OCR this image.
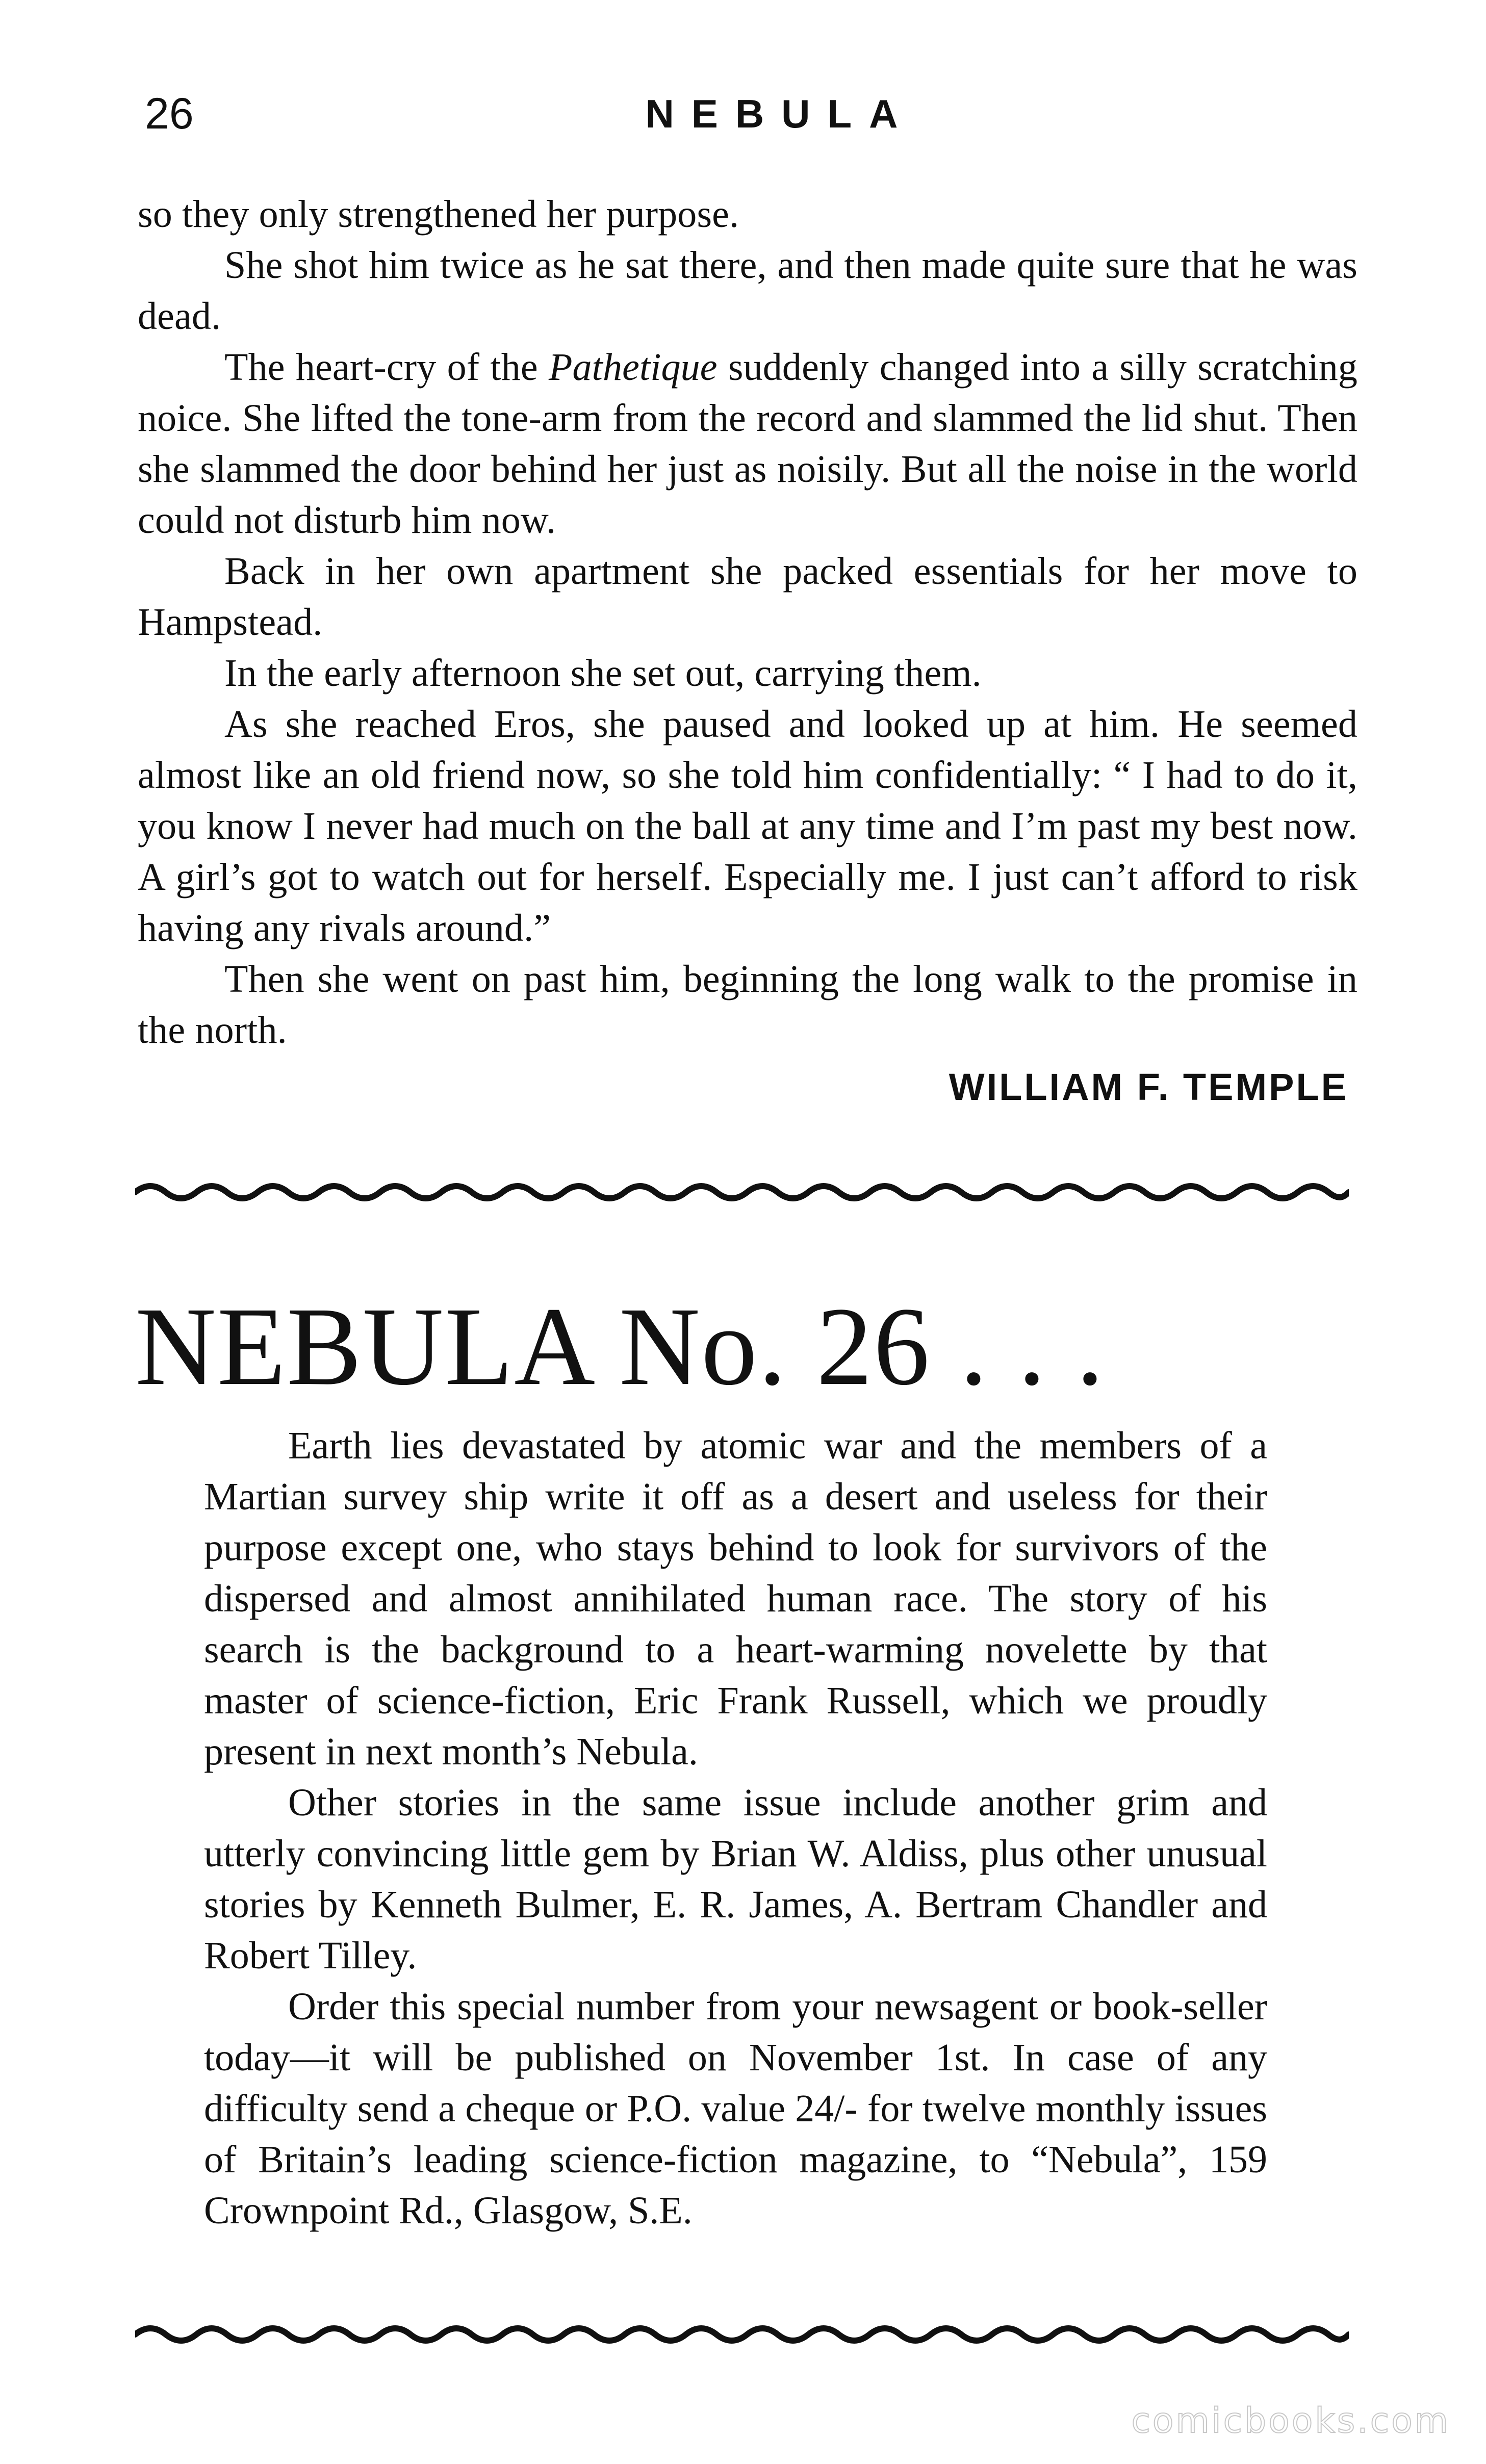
26	NEBULA

so they only strengthened her purpose.

She shot him twice as he sat there, and then made quite sure that he was dead.

The heart-cry of the Pathetique suddenly changed into a silly scratching noice. She lifted the tone-arm from the record and slammed the lid shut. Then she slammed the door behind her just as noisily. But all the noise in the world could not disturb him now.

Back in her own apartment she packed essentials for her move to Hampstead.

In the early afternoon she set out, carrying them.

As she reached Eros, she paused and looked up at him. He seemed almost like an old friend now, so she told him confidentially: “ I had to do it, you know I never had much on the ball at any time and I’m past my best now. A girl’s got to watch out for herself. Especially me. I just can’t afford to risk having any rivals around.”

Then she went on past him, beginning the long walk to the promise in the north.

WILLIAM F. TEMPLE
NEBULA No. 26 . . .

Earth lies devastated by atomic war and the members of a Martian survey ship write it off as a desert and useless for their purpose except one, who stays behind to look for survivors of the dispersed and almost annihilated human race. The story of his search is the background to a heart-warming novelette by that master of science-fiction, Eric Frank Russell, which we proudly present in next month’s Nebula.

Other stories in the same issue include another grim and utterly convincing little gem by Brian W. Aldiss, plus other unusual stories by Kenneth Bulmer, E. R. James, A. Bertram Chandler and Robert Tilley.

Order this special number from your newsagent or book-seller today—it will be published on November 1st. In case of any difficulty send a cheque or P.O. value 24/- for twelve monthly issues of Britain’s leading science-fiction magazine, to “Nebula”, 159 Crownpoint Rd., Glasgow, S.E.

comicbooks.com
